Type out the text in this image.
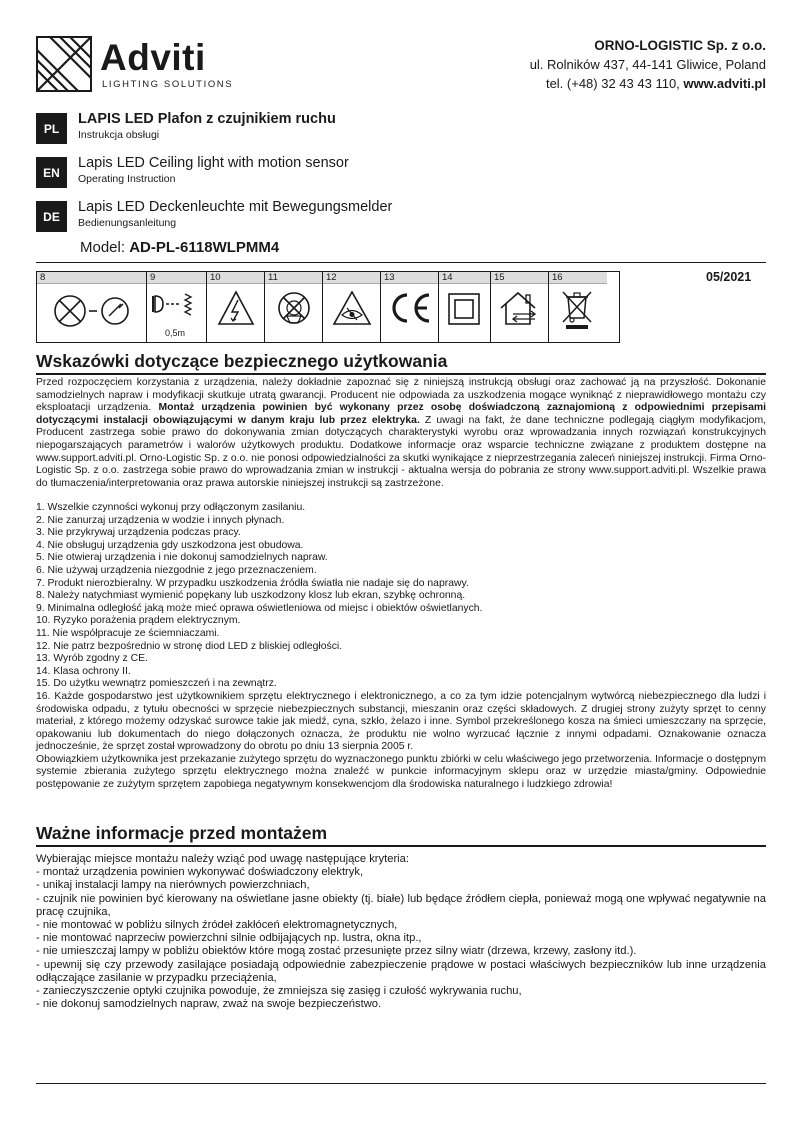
Adviti
LIGHTING SOLUTIONS
ORNO-LOGISTIC Sp. z o.o.
ul. Rolników 437, 44-141 Gliwice, Poland
tel. (+48) 32 43 43 110, www.adviti.pl
PL
LAPIS LED Plafon z czujnikiem ruchu
Instrukcja obsługi
EN
Lapis LED Ceiling light with motion sensor
Operating Instruction
DE
Lapis LED Deckenleuchte mit Bewegungsmelder
Bedienungsanleitung
Model: AD-PL-6118WLPMM4
8	9
0,5m
10	11	12	13	14	15	16	05/2021
Wskazówki dotyczące bezpiecznego użytkowania
Przed rozpoczęciem korzystania z urządzenia, należy dokładnie zapoznać się z niniejszą instrukcją obsługi oraz zachować ją na przyszłość. Dokonanie samodzielnych napraw i modyfikacji skutkuje utratą gwarancji. Producent nie odpowiada za uszkodzenia mogące wyniknąć z nieprawidłowego montażu czy eksploatacji urządzenia. Montaż urządzenia powinien być wykonany przez osobę doświadczoną zaznajomioną z odpowiednimi przepisami dotyczącymi instalacji obowiązującymi w danym kraju lub przez elektryka. Z uwagi na fakt, że dane techniczne podlegają ciągłym modyfikacjom, Producent zastrzega sobie prawo do dokonywania zmian dotyczących charakterystyki wyrobu oraz wprowadzania innych rozwiązań konstrukcyjnych niepogarszających parametrów i walorów użytkowych produktu. Dodatkowe informacje oraz wsparcie techniczne związane z produktem dostępne na www.support.adviti.pl. Orno-Logistic Sp. z o.o. nie ponosi odpowiedzialności za skutki wynikające z nieprzestrzegania zaleceń niniejszej instrukcji. Firma Orno-Logistic Sp. z o.o. zastrzega sobie prawo do wprowadzania zmian w instrukcji - aktualna wersja do pobrania ze strony www.support.adviti.pl. Wszelkie prawa do tłumaczenia/interpretowania oraz prawa autorskie niniejszej instrukcji są zastrzeżone.
1. Wszelkie czynności wykonuj przy odłączonym zasilaniu.
2. Nie zanurzaj urządzenia w wodzie i innych płynach.
3. Nie przykrywaj urządzenia podczas pracy.
4. Nie obsługuj urządzenia gdy uszkodzona jest obudowa.
5. Nie otwieraj urządzenia i nie dokonuj samodzielnych napraw.
6. Nie używaj urządzenia niezgodnie z jego przeznaczeniem.
7. Produkt nierozbieralny. W przypadku uszkodzenia źródła światła nie nadaje się do naprawy.
8. Należy natychmiast wymienić popękany lub uszkodzony klosz lub ekran, szybkę ochronną.
9. Minimalna odległość jaką może mieć oprawa oświetleniowa od miejsc i obiektów oświetlanych.
10. Ryzyko porażenia prądem elektrycznym.
11. Nie współpracuje ze ściemniaczami.
12. Nie patrz bezpośrednio w stronę diod LED z bliskiej odległości.
13. Wyrób zgodny z CE.
14. Klasa ochrony II.
15. Do użytku wewnątrz pomieszczeń i na zewnątrz.
16. Każde gospodarstwo jest użytkownikiem sprzętu elektrycznego i elektronicznego, a co za tym idzie potencjalnym wytwórcą niebezpiecznego dla ludzi i środowiska odpadu, z tytułu obecności w sprzęcie niebezpiecznych substancji, mieszanin oraz części składowych. Z drugiej strony zużyty sprzęt to cenny materiał, z którego możemy odzyskać surowce takie jak miedź, cyna, szkło, żelazo i inne. Symbol przekreślonego kosza na śmieci umieszczany na sprzęcie, opakowaniu lub dokumentach do niego dołączonych oznacza, że produktu nie wolno wyrzucać łącznie z innymi odpadami. Oznakowanie oznacza jednocześnie, że sprzęt został wprowadzony do obrotu po dniu 13 sierpnia 2005 r.
Obowiązkiem użytkownika jest przekazanie zużytego sprzętu do wyznaczonego punktu zbiórki w celu właściwego jego przetworzenia. Informacje o dostępnym systemie zbierania zużytego sprzętu elektrycznego można znaleźć w punkcie informacyjnym sklepu oraz w urzędzie miasta/gminy. Odpowiednie postępowanie ze zużytym sprzętem zapobiega negatywnym konsekwencjom dla środowiska naturalnego i ludzkiego zdrowia!
Ważne informacje przed montażem
Wybierając miejsce montażu należy wziąć pod uwagę następujące kryteria:
- montaż urządzenia powinien wykonywać doświadczony elektryk,
- unikaj instalacji lampy na nierównych powierzchniach,
- czujnik nie powinien być kierowany na oświetlane jasne obiekty (tj. białe) lub będące źródłem ciepła, ponieważ mogą one wpływać negatywnie na pracę czujnika,
- nie montować w pobliżu silnych źródeł zakłóceń elektromagnetycznych,
- nie montować naprzeciw powierzchni silnie odbijających np. lustra, okna itp.,
- nie umieszczaj lampy w pobliżu obiektów które mogą zostać przesunięte przez silny wiatr (drzewa, krzewy, zasłony itd.).
- upewnij się czy przewody zasilające posiadają odpowiednie zabezpieczenie prądowe w postaci właściwych bezpieczników lub inne urządzenia odłączające zasilanie w przypadku przeciążenia,
- zanieczyszczenie optyki czujnika powoduje, że zmniejsza się zasięg i czułość wykrywania ruchu,
- nie dokonuj samodzielnych napraw, zważ na swoje bezpieczeństwo.
